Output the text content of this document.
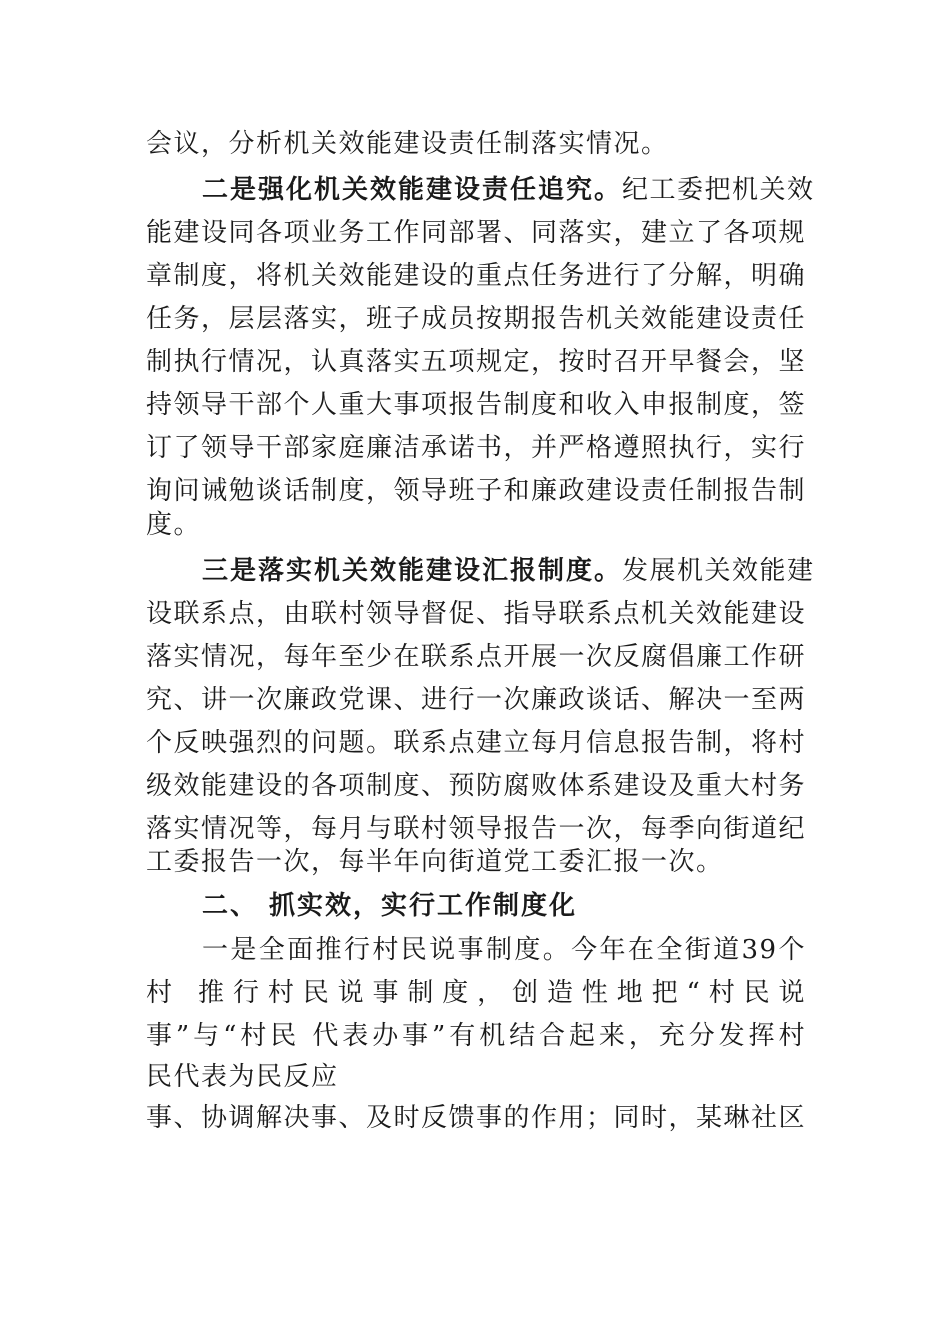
会议，分析机关效能建设责任制落实情况。
二是强化机关效能建设责任追究。纪工委把机关效
能建设同各项业务工作同部署、同落实，建立了各项规
章制度，将机关效能建设的重点任务进行了分解，明确
任务，层层落实，班子成员按期报告机关效能建设责任
制执行情况，认真落实五项规定，按时召开早餐会，坚
持领导干部个人重大事项报告制度和收入申报制度，签
订了领导干部家庭廉洁承诺书，并严格遵照执行，实行
询问诫勉谈话制度，领导班子和廉政建设责任制报告制
度。
三是落实机关效能建设汇报制度。发展机关效能建
设联系点，由联村领导督促、指导联系点机关效能建设
落实情况，每年至少在联系点开展一次反腐倡廉工作研
究、讲一次廉政党课、进行一次廉政谈话、解决一至两
个反映强烈的问题。联系点建立每月信息报告制，将村
级效能建设的各项制度、预防腐败体系建设及重大村务
落实情况等，每月与联村领导报告一次，每季向街道纪
工委报告一次，每半年向街道党工委汇报一次。
二、 抓实效，实行工作制度化
一是全面推行村民说事制度。今年在全街道39个
村 推行村民说事制度，创造性地把“村民说
事”与“村民 代表办事”有机结合起来，充分发挥村
民代表为民反应
事、协调解决事、及时反馈事的作用；同时，某琳社区
